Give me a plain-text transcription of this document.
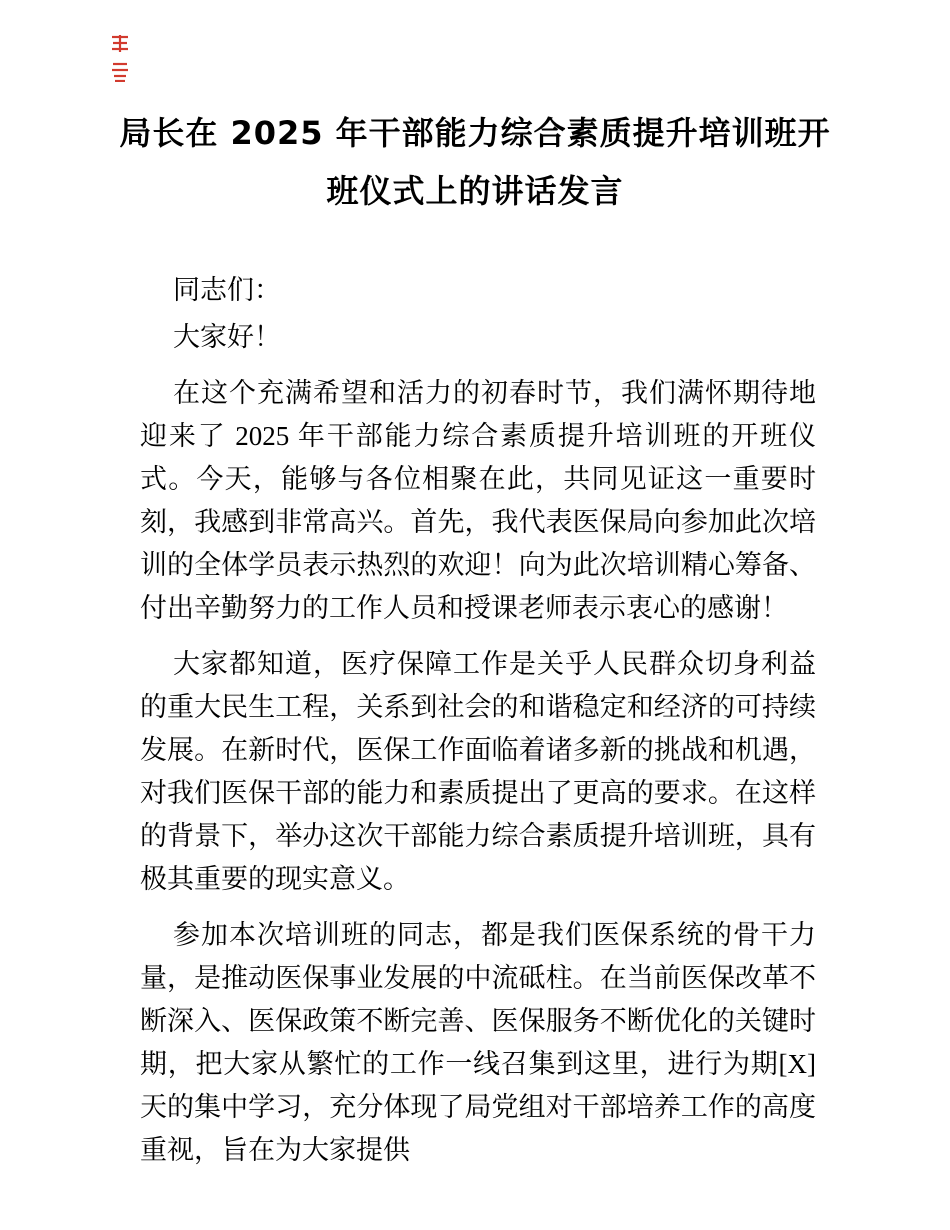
局长在 2025 年干部能力综合素质提升培训班开
班仪式上的讲话发言

同志们：

大家好！

在这个充满希望和活力的初春时节，我们满怀期待地迎来了 2025 年干部能力综合素质提升培训班的开班仪式。今天，能够与各位相聚在此，共同见证这一重要时刻，我感到非常高兴。首先，我代表医保局向参加此次培训的全体学员表示热烈的欢迎！向为此次培训精心筹备、付出辛勤努力的工作人员和授课老师表示衷心的感谢！

大家都知道，医疗保障工作是关乎人民群众切身利益的重大民生工程，关系到社会的和谐稳定和经济的可持续发展。在新时代，医保工作面临着诸多新的挑战和机遇，对我们医保干部的能力和素质提出了更高的要求。在这样的背景下，举办这次干部能力综合素质提升培训班，具有极其重要的现实意义。

参加本次培训班的同志，都是我们医保系统的骨干力量，是推动医保事业发展的中流砥柱。在当前医保改革不断深入、医保政策不断完善、医保服务不断优化的关键时期，把大家从繁忙的工作一线召集到这里，进行为期[X]天的集中学习，充分体现了局党组对干部培养工作的高度重视，旨在为大家提供
